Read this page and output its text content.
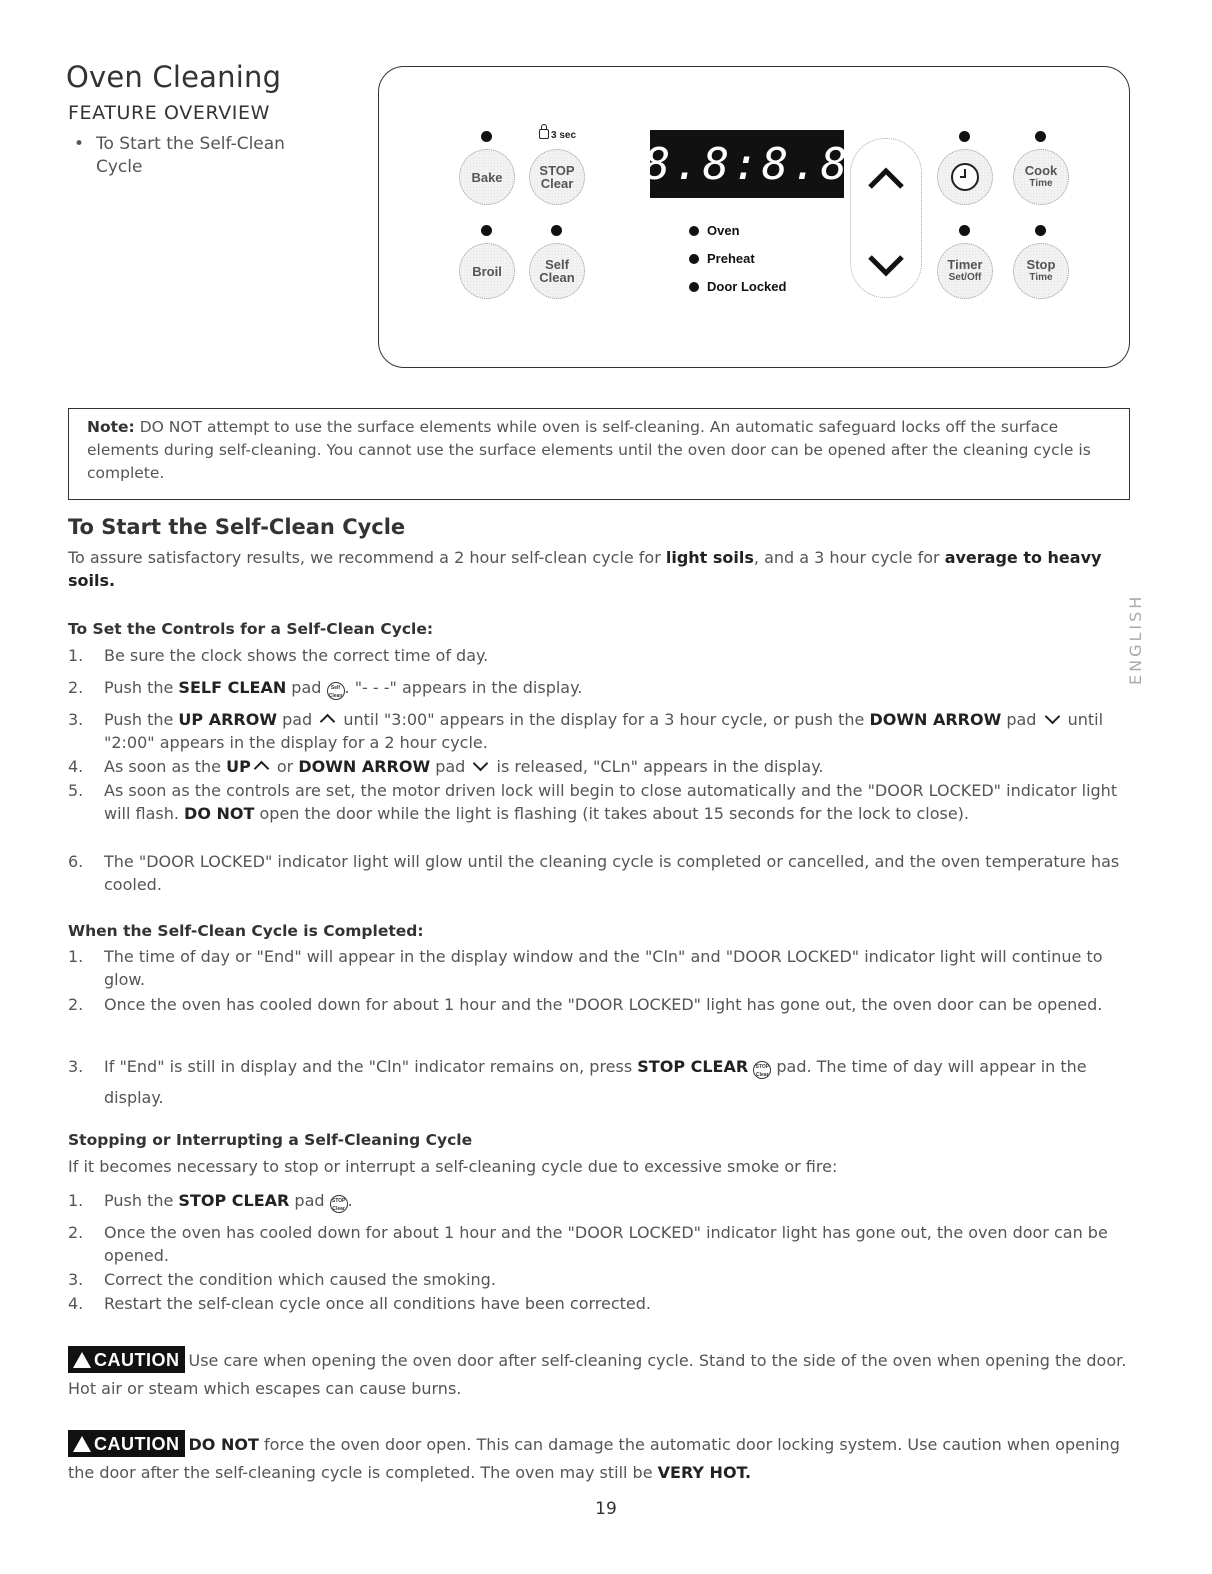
Oven Cleaning
FEATURE OVERVIEW
• To Start the Self-Clean Cycle
3 sec
Bake	STOP
Clear
Broil	Self
Clean
Cook
Time
Timer
Set/Off
Stop
Time
Oven
Preheat
Door Locked
8.8:8.8
Note: DO NOT attempt to use the surface elements while oven is self-cleaning. An automatic safeguard locks off the surface elements during self-cleaning. You cannot use the surface elements until the oven door can be opened after the cleaning cycle is complete.
To Start the Self-Clean Cycle
To assure satisfactory results, we recommend a 2 hour self-clean cycle for light soils, and a 3 hour cycle for average to heavy soils.
ENGLISH
To Set the Controls for a Self-Clean Cycle:
1.	Be sure the clock shows the correct time of day.
2.	Push the SELF CLEAN pad Self
Clean . "- - -" appears in the display.
3.	Push the UP ARROW pad  until "3:00" appears in the display for a 3 hour cycle, or push the DOWN ARROW pad  until "2:00" appears in the display for a 2 hour cycle.
4.	As soon as the UP or DOWN ARROW pad  is released, "CLn" appears in the display.
5.	As soon as the controls are set, the motor driven lock will begin to close automatically and the "DOOR LOCKED" indicator light will flash. DO NOT open the door while the light is flashing (it takes about 15 seconds for the lock to close).
6.	The "DOOR LOCKED" indicator light will glow until the cleaning cycle is completed or cancelled, and the oven temperature has cooled.
When the Self-Clean Cycle is Completed:
1.	The time of day or "End" will appear in the display window and the "Cln" and "DOOR LOCKED" indicator light will continue to glow.
2.	Once the oven has cooled down for about 1 hour and the "DOOR LOCKED" light has gone out, the oven door can be opened.
3.	If "End" is still in display and the "Cln" indicator remains on, press STOP CLEAR STOP
Clear pad. The time of day will appear in the display.
Stopping or Interrupting a Self-Cleaning Cycle
If it becomes necessary to stop or interrupt a self-cleaning cycle due to excessive smoke or fire:
1.	Push the STOP CLEAR pad STOP
Clear .
2.	Once the oven has cooled down for about 1 hour and the "DOOR LOCKED" indicator light has gone out, the oven door can be opened.
3.	Correct the condition which caused the smoking.
4.	Restart the self-clean cycle once all conditions have been corrected.
CAUTION Use care when opening the oven door after self-cleaning cycle. Stand to the side of the oven when opening the door. Hot air or steam which escapes can cause burns.
CAUTION DO NOT force the oven door open. This can damage the automatic door locking system. Use caution when opening the door after the self-cleaning cycle is completed. The oven may still be VERY HOT.
19
